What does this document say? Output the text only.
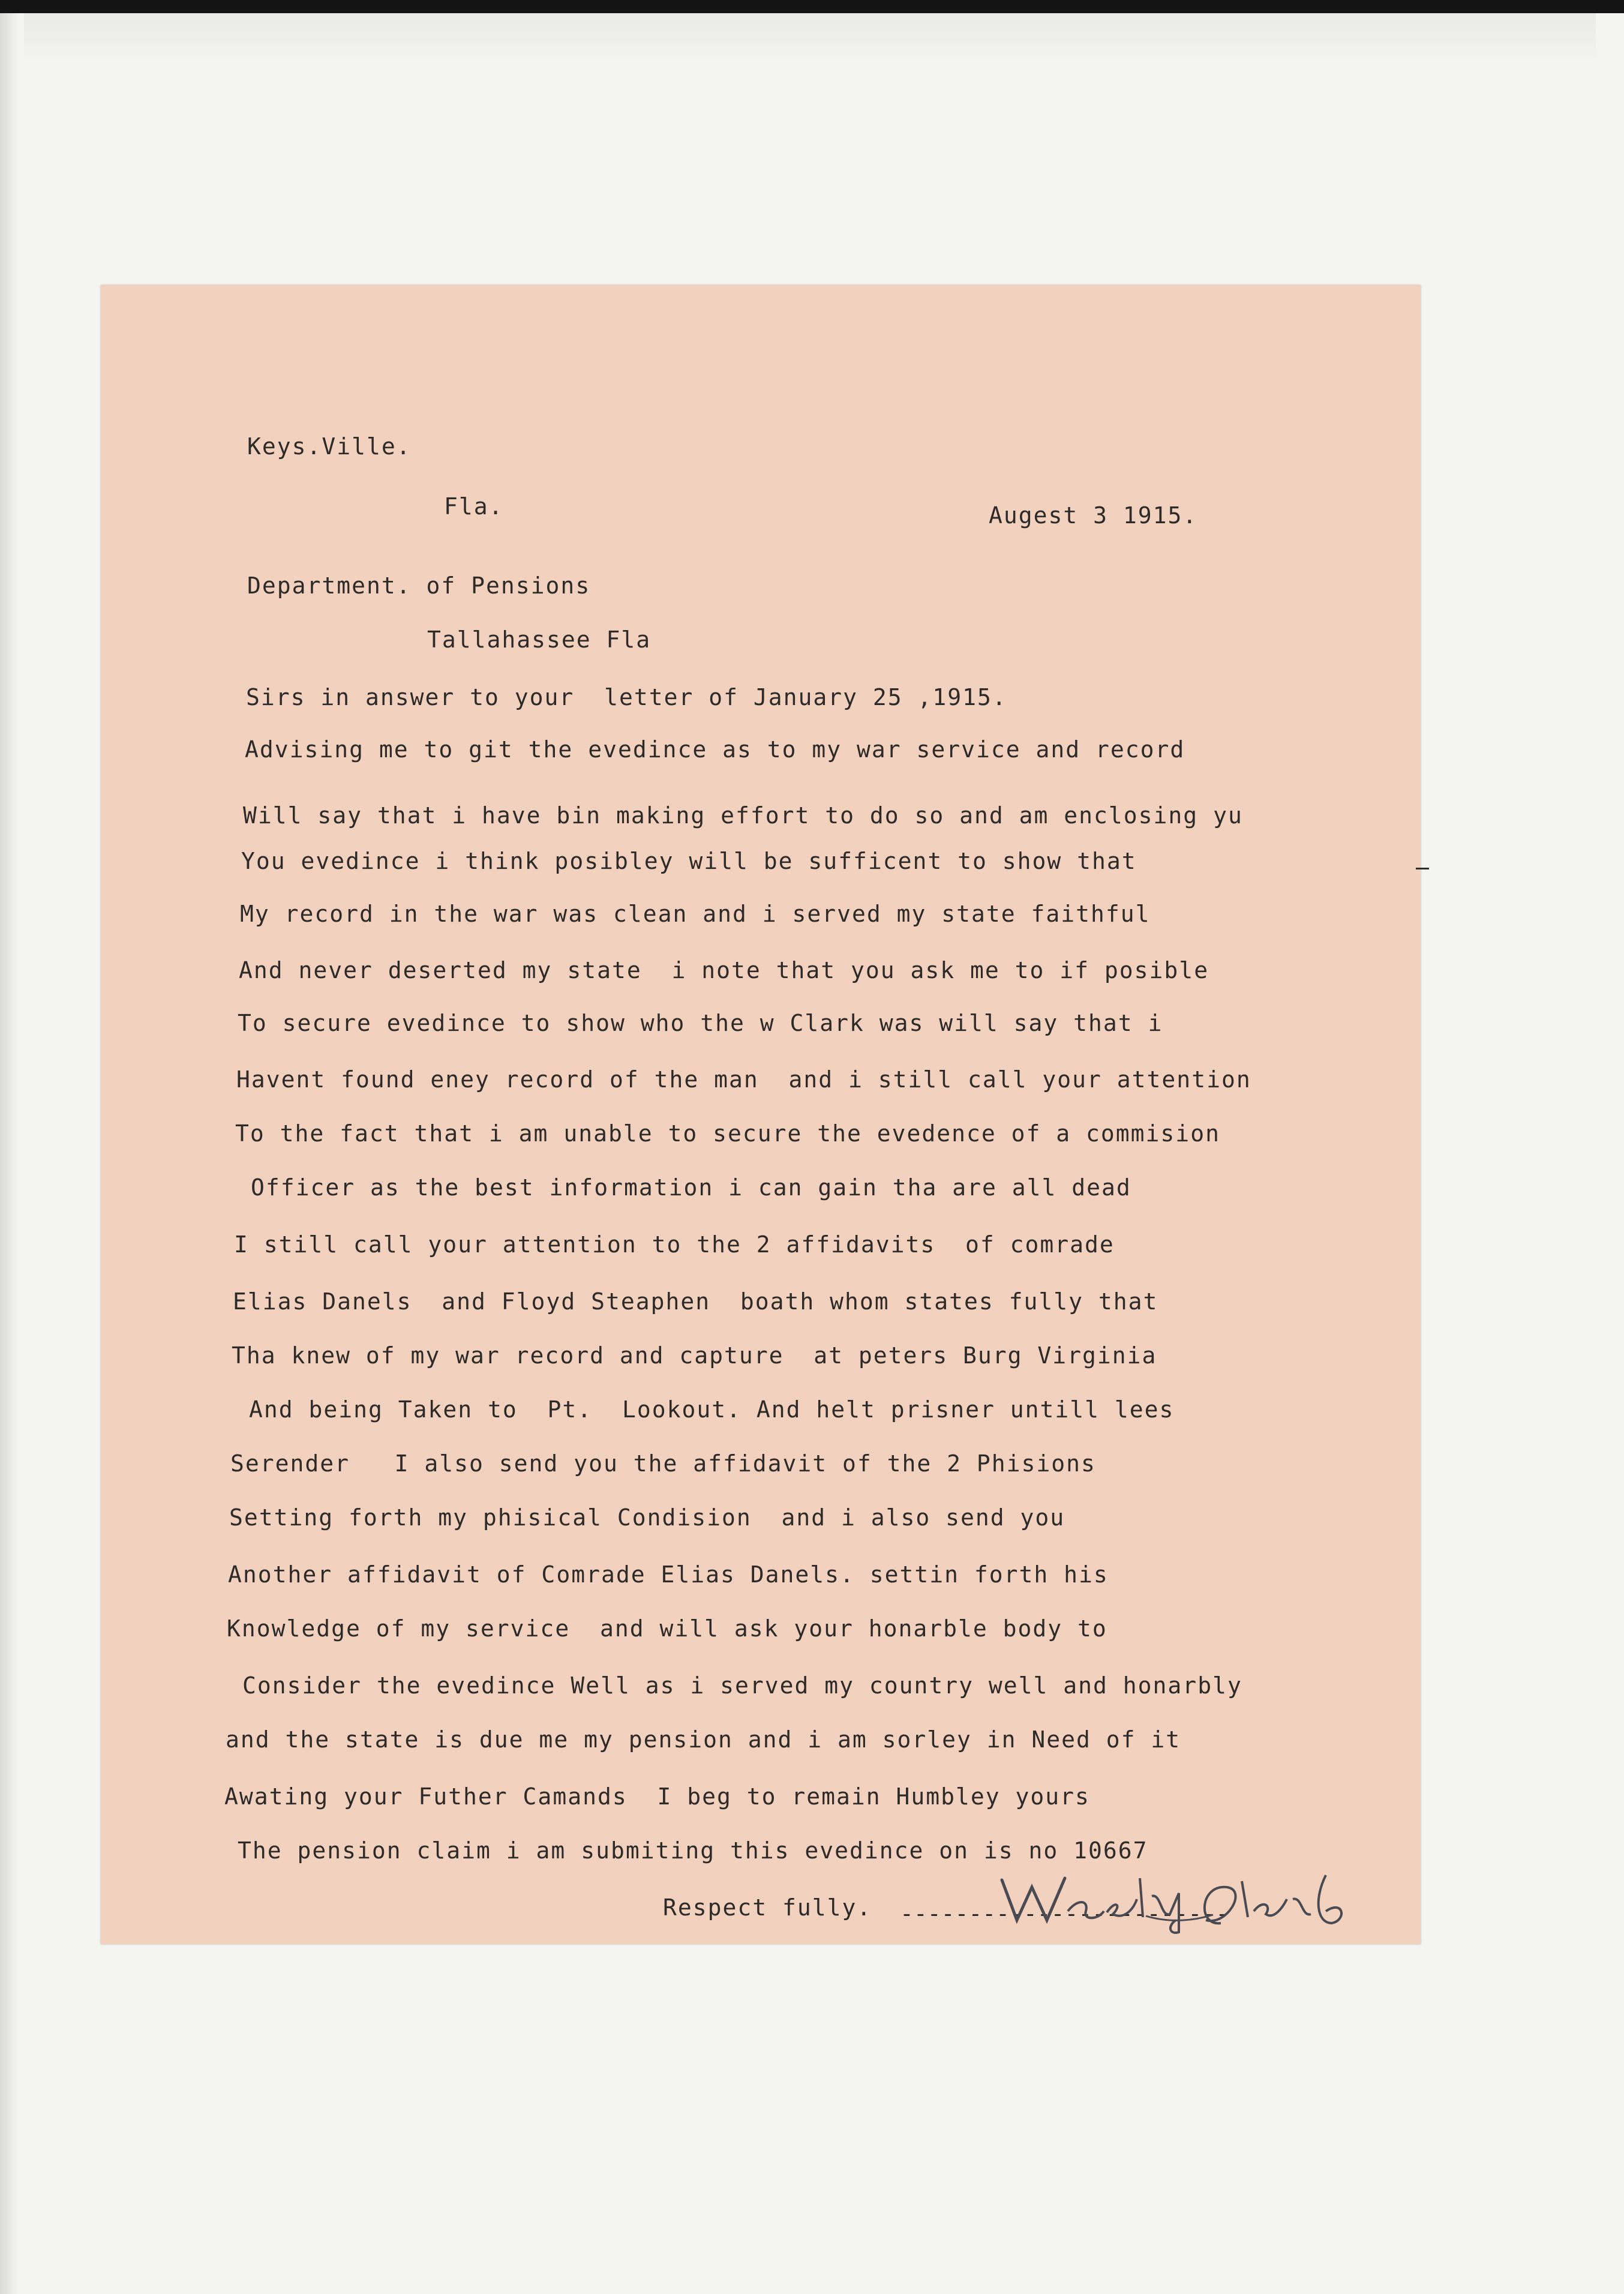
Keys.Ville.
Fla.	Augest 3 1915.
Department. of Pensions
Tallahassee Fla
Sirs in answer to your  letter of January 25 ,1915.
Advising me to git the evedince as to my war service and record
Will say that i have bin making effort to do so and am enclosing yu
You evedince i think posibley will be sufficent to show that
My record in the war was clean and i served my state faithful
And never deserted my state  i note that you ask me to if posible
To secure evedince to show who the w Clark was will say that i
Havent found eney record of the man  and i still call your attention
To the fact that i am unable to secure the evedence of a commision
Officer as the best information i can gain tha are all dead
I still call your attention to the 2 affidavits  of comrade
Elias Danels  and Floyd Steaphen  boath whom states fully that
Tha knew of my war record and capture  at peters Burg Virginia
And being Taken to  Pt.  Lookout. And helt prisner untill lees
Serender   I also send you the affidavit of the 2 Phisions
Setting forth my phisical Condision  and i also send you
Another affidavit of Comrade Elias Danels. settin forth his
Knowledge of my service  and will ask your honarble body to
Consider the evedince Well as i served my country well and honarbly
and the state is due me my pension and i am sorley in Need of it
Awating your Futher Camands  I beg to remain Humbley yours
The pension claim i am submiting this evedince on is no 10667
Respect fully. ------------------------
